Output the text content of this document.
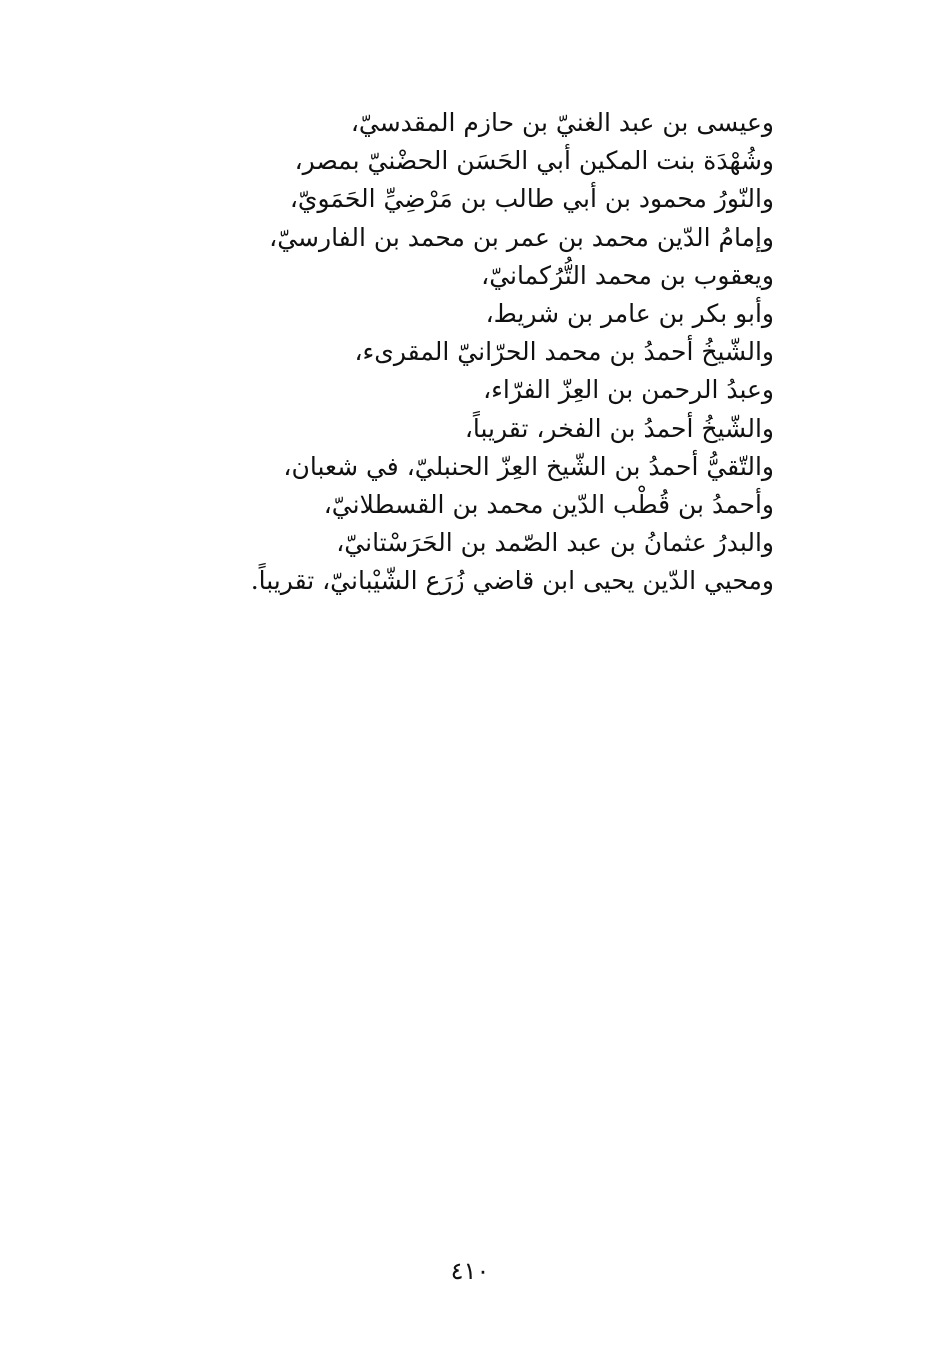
وعيسى بن عبد الغنيّ بن حازم المقدسيّ،
وشُهْدَة بنت المكين أبي الحَسَن الحضْنيّ بمصر،
والنّورُ محمود بن أبي طالب بن مَرْضِيِّ الحَمَويّ،
وإمامُ الدّين محمد بن عمر بن محمد بن الفارسيّ،
ويعقوب بن محمد التُّرُكمانيّ،
وأبو بكر بن عامر بن شريط،
والشّيخُ أحمدُ بن محمد الحرّانيّ المقرىء،
وعبدُ الرحمن بن العِزّ الفرّاء،
والشّيخُ أحمدُ بن الفخر، تقريباً،
والتّقيُّ أحمدُ بن الشّيخ العِزّ الحنبليّ، في شعبان،
وأحمدُ بن قُطْب الدّين محمد بن القسطلانيّ،
والبدرُ عثمانُ بن عبد الصّمد بن الحَرَسْتانيّ،
ومحيي الدّين يحيى ابن قاضي زُرَع الشّيْبانيّ، تقريباً.
٤١٠
